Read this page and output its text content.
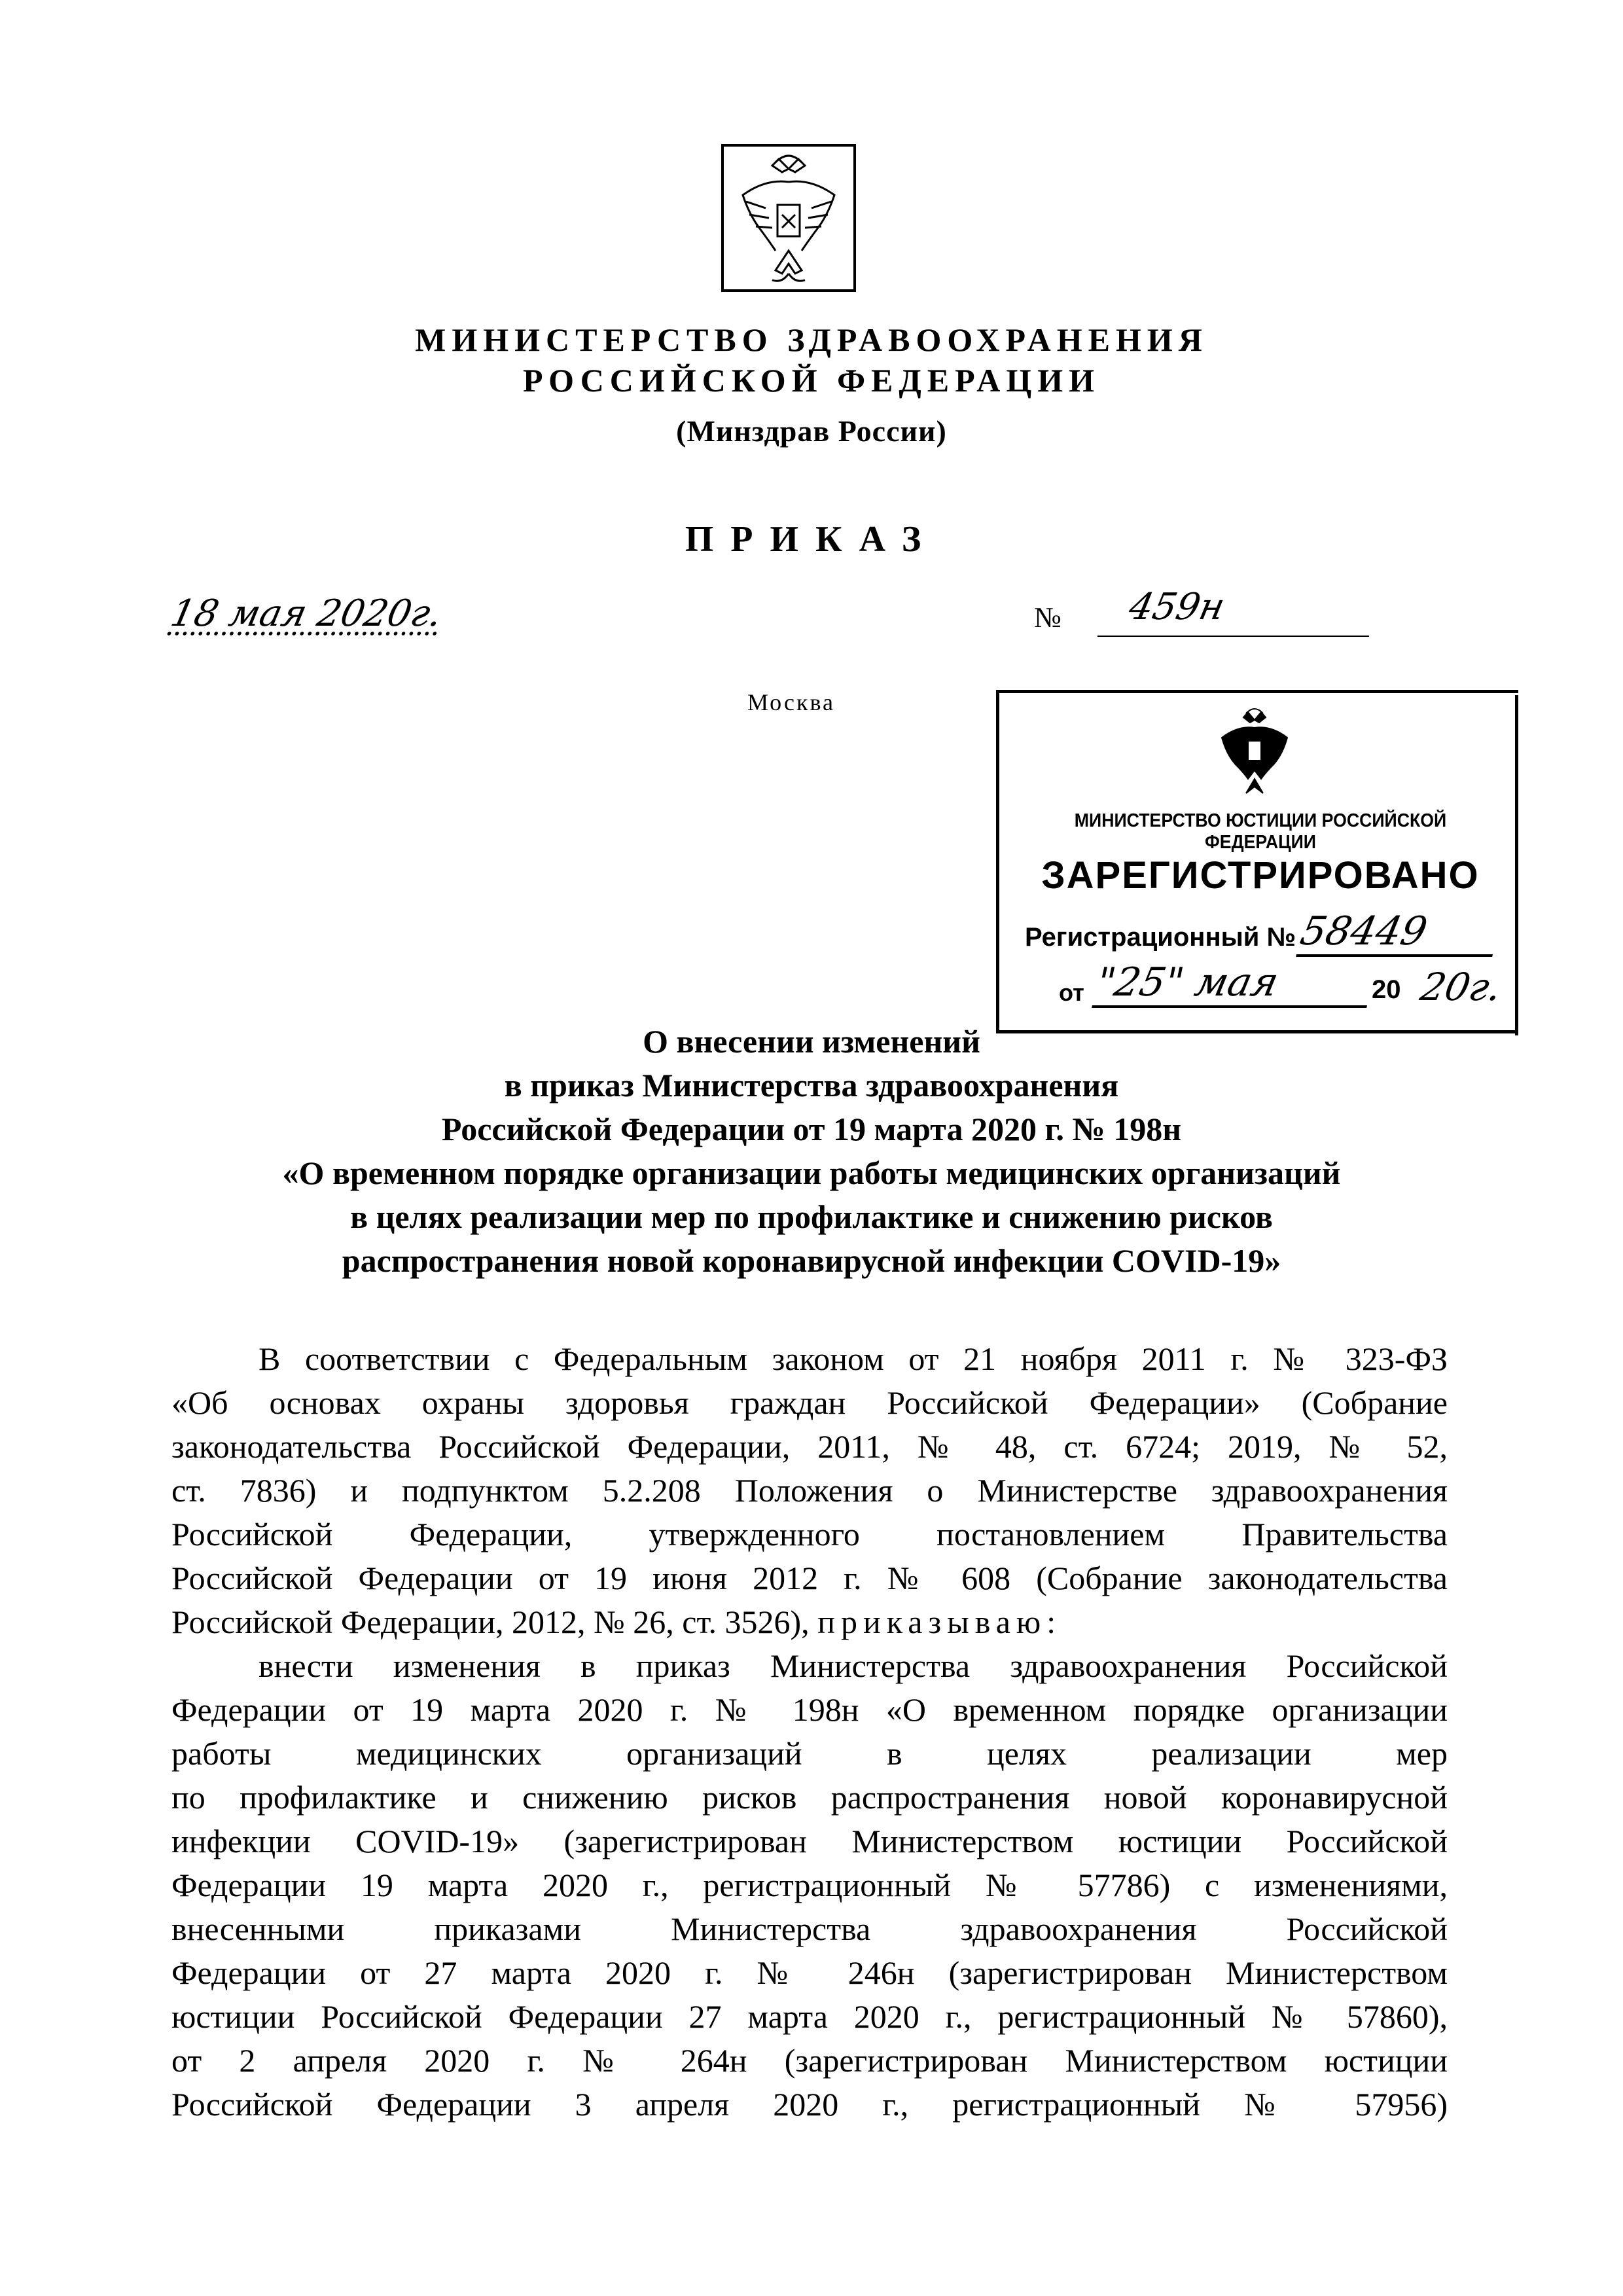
МИНИСТЕРСТВО ЗДРАВООХРАНЕНИЯ
РОССИЙСКОЙ ФЕДЕРАЦИИ
(Минздрав России)
ПРИКАЗ
18 мая 2020г.	№	459н
Москва
МИНИСТЕРСТВО ЮСТИЦИИ РОССИЙСКОЙ ФЕДЕРАЦИИ
ЗАРЕГИСТРИРОВАНО
Регистрационный № 58449
от "25" мая	20 20г.
О внесении изменений
в приказ Министерства здравоохранения
Российской Федерации от 19 марта 2020 г. № 198н
«О временном порядке организации работы медицинских организаций
в целях реализации мер по профилактике и снижению рисков
распространения новой коронавирусной инфекции COVID-19»
В соответствии с Федеральным законом от 21 ноября 2011 г. № 323-ФЗ
«Об основах охраны здоровья граждан Российской Федерации» (Собрание
законодательства Российской Федерации, 2011, № 48, ст. 6724; 2019, № 52,
ст. 7836) и подпунктом 5.2.208 Положения о Министерстве здравоохранения
Российской Федерации, утвержденного постановлением Правительства
Российской Федерации от 19 июня 2012 г. № 608 (Собрание законодательства
Российской Федерации, 2012, № 26, ст. 3526), приказываю:
внести изменения в приказ Министерства здравоохранения Российской
Федерации от 19 марта 2020 г. № 198н «О временном порядке организации
работы медицинских организаций в целях реализации мер
по профилактике и снижению рисков распространения новой коронавирусной
инфекции COVID-19» (зарегистрирован Министерством юстиции Российской
Федерации 19 марта 2020 г., регистрационный № 57786) с изменениями,
внесенными приказами Министерства здравоохранения Российской
Федерации от 27 марта 2020 г. № 246н (зарегистрирован Министерством
юстиции Российской Федерации 27 марта 2020 г., регистрационный № 57860),
от 2 апреля 2020 г. № 264н (зарегистрирован Министерством юстиции
Российской Федерации 3 апреля 2020 г., регистрационный № 57956)
